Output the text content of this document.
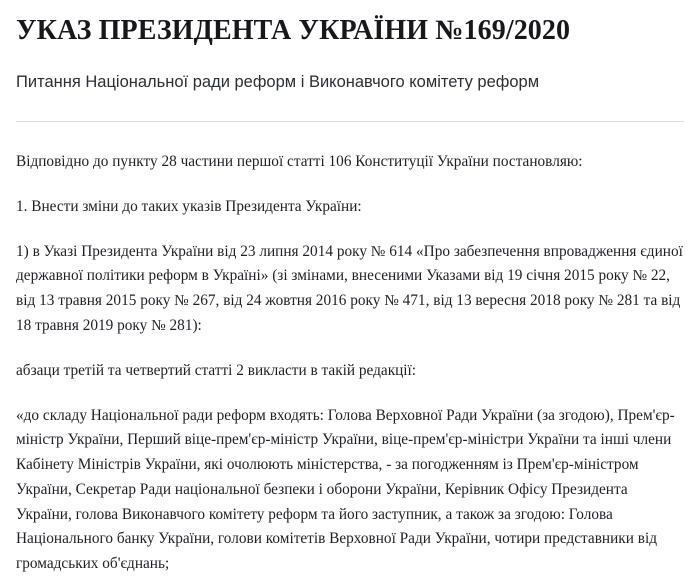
УКАЗ ПРЕЗИДЕНТА УКРАЇНИ №169/2020
Питання Національної ради реформ і Виконавчого комітету реформ

Відповідно до пункту 28 частини першої статті 106 Конституції України постановляю:

1. Внести зміни до таких указів Президента України:

1) в Указі Президента України від 23 липня 2014 року № 614 «Про забезпечення впровадження єдиної державної політики реформ в Україні» (зі змінами, внесеними Указами від 19 січня 2015 року № 22, від 13 травня 2015 року № 267, від 24 жовтня 2016 року № 471, від 13 вересня 2018 року № 281 та від 18 травня 2019 року № 281):

абзаци третій та четвертий статті 2 викласти в такій редакції:

«до складу Національної ради реформ входять: Голова Верховної Ради України (за згодою), Прем'єр-міністр України, Перший віце-прем'єр-міністр України, віце-прем'єр-міністри України та інші члени Кабінету Міністрів України, які очолюють міністерства, - за погодженням із Прем'єр-міністром України, Секретар Ради національної безпеки і оборони України, Керівник Офісу Президента України, голова Виконавчого комітету реформ та його заступник, а також за згодою: Голова Національного банку України, голови комітетів Верховної Ради України, чотири представники від громадських об'єднань;
